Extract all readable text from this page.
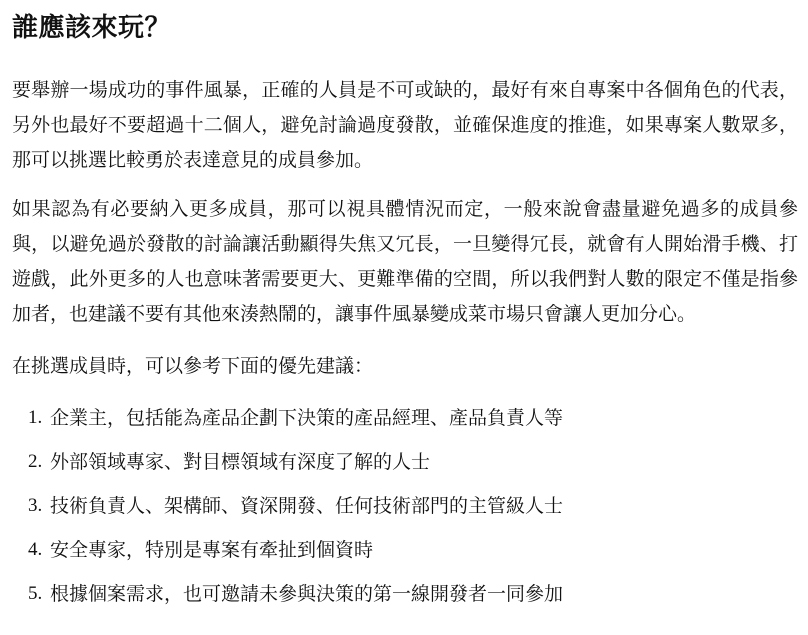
誰應該來玩？

要舉辦一場成功的事件風暴，正確的人員是不可或缺的，最好有來自專案中各個角色的代表，另外也最好不要超過十二個人，避免討論過度發散，並確保進度的推進，如果專案人數眾多，那可以挑選比較勇於表達意見的成員參加。

如果認為有必要納入更多成員，那可以視具體情況而定，一般來說會盡量避免過多的成員參與，以避免過於發散的討論讓活動顯得失焦又冗長，一旦變得冗長，就會有人開始滑手機、打遊戲，此外更多的人也意味著需要更大、更難準備的空間，所以我們對人數的限定不僅是指參加者，也建議不要有其他來湊熱鬧的，讓事件風暴變成菜市場只會讓人更加分心。

在挑選成員時，可以參考下面的優先建議：

1. 企業主，包括能為產品企劃下決策的產品經理、產品負責人等
2. 外部領域專家、對目標領域有深度了解的人士
3. 技術負責人、架構師、資深開發、任何技術部門的主管級人士
4. 安全專家，特別是專案有牽扯到個資時
5. 根據個案需求，也可邀請未參與決策的第一線開發者一同參加
